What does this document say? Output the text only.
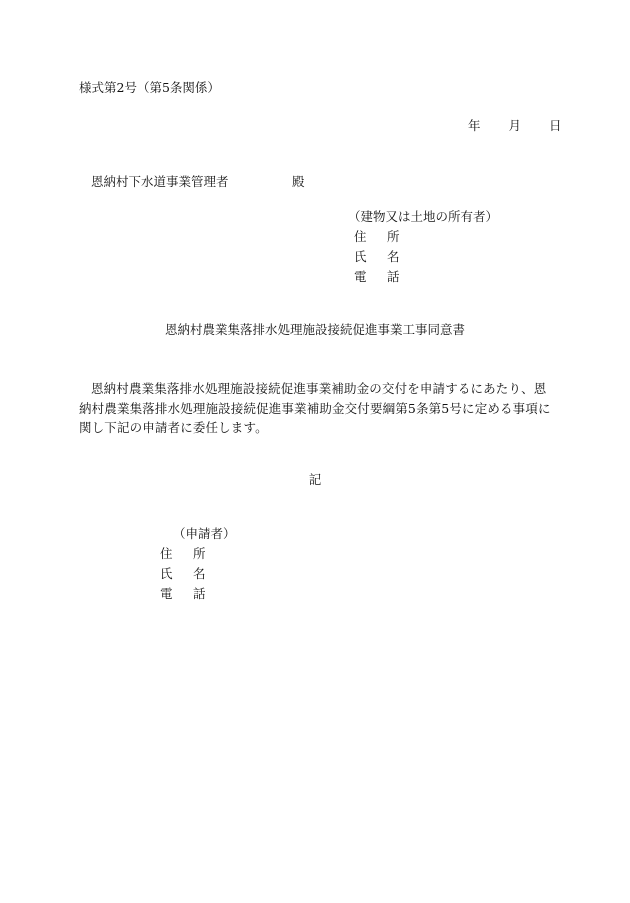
様式第2号（第5条関係）
年 月 日
恩納村下水道事業管理者	殿
（建物又は土地の所有者）
住 所
氏 名
電 話
恩納村農業集落排水処理施設接続促進事業工事同意書
恩納村農業集落排水処理施設接続促進事業補助金の交付を申請するにあたり、恩納村農業集落排水処理施設接続促進事業補助金交付要綱第5条第5号に定める事項に関し下記の申請者に委任します。
記
（申請者）
住 所
氏 名
電 話
